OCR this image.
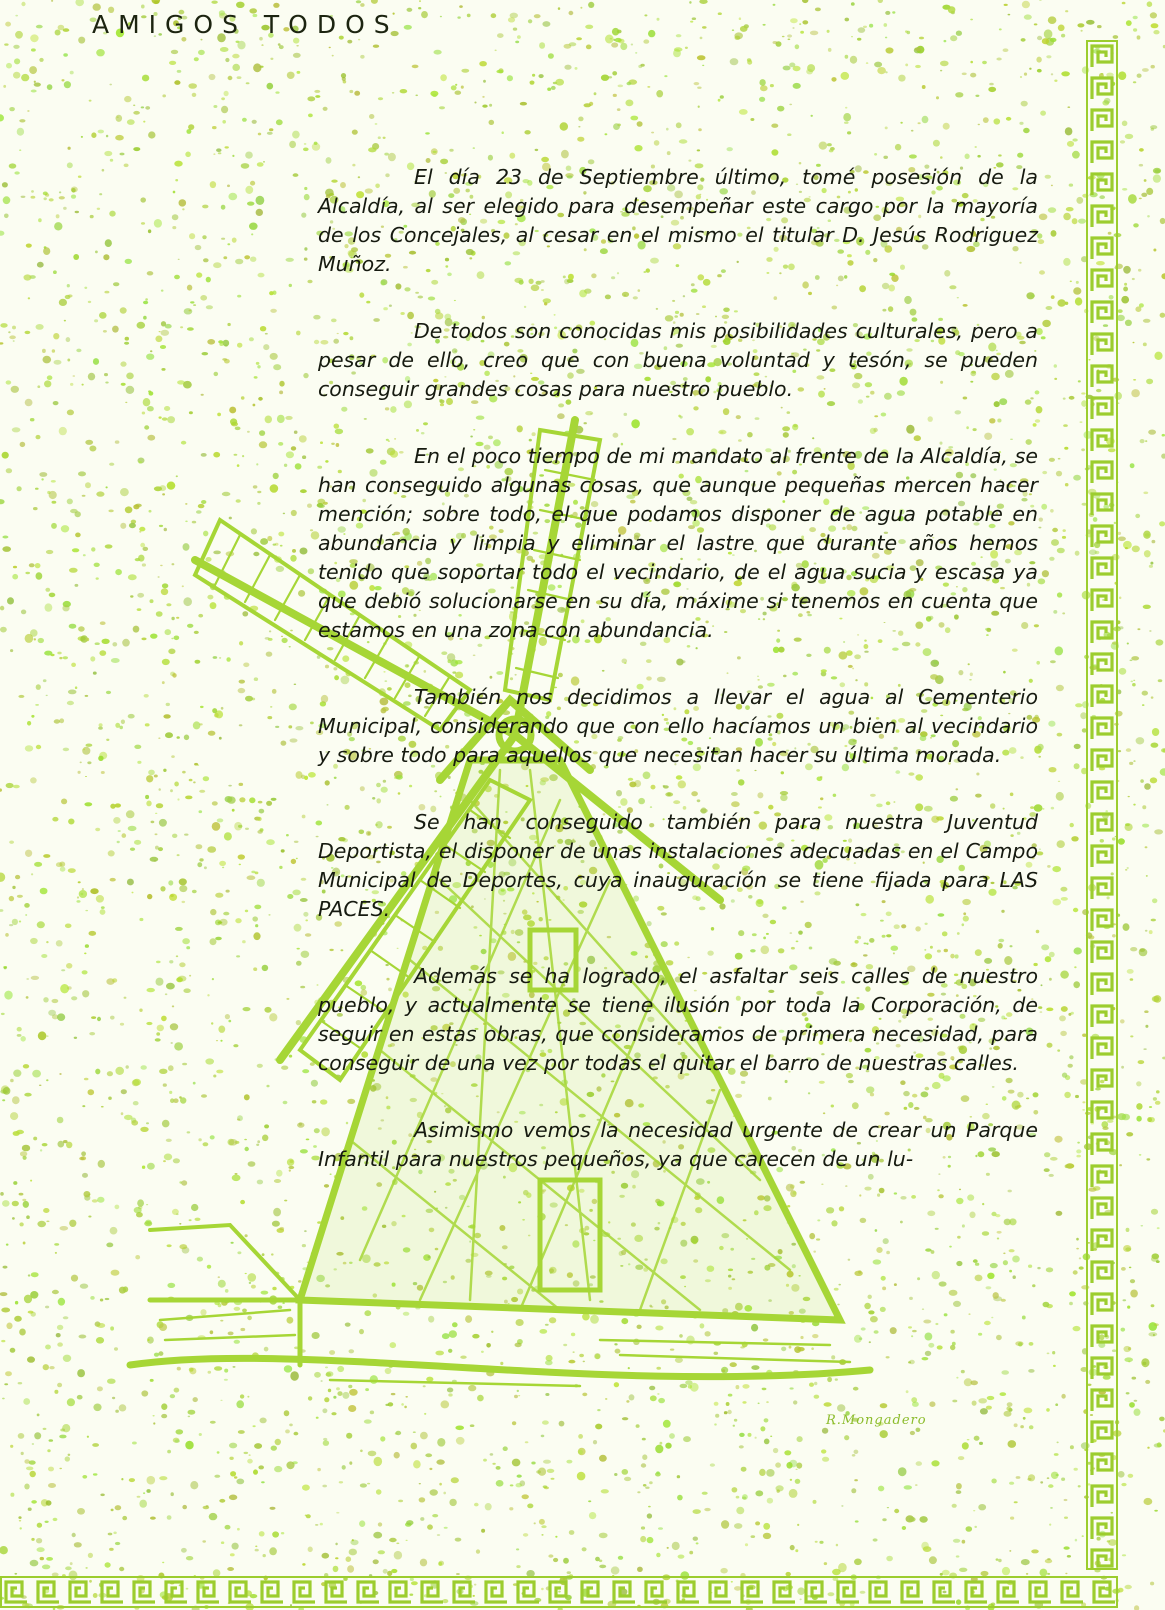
AMIGOS TODOS
R.Mongadero

El día 23 de Septiembre último, tomé posesión de la Alcaldía, al ser elegido para desempeñar este cargo por la mayoría de los Concejales, al cesar en el mismo el titular D. Jesús Rodriguez Muñoz.

De todos son conocidas mis posibilidades culturales, pero a pesar de ello, creo que con buena voluntad y tesón, se pueden conseguir grandes cosas para nuestro pueblo.

En el poco tiempo de mi mandato al frente de la Alcaldía, se han conseguido algunas cosas, que aunque pequeñas mercen hacer mención; sobre todo, el que podamos disponer de agua potable en abundancia y limpia y eliminar el lastre que durante años hemos tenido que soportar todo el vecindario, de el agua sucia y escasa ya que debió solucionarse en su día, máxime si tenemos en cuenta que estamos en una zona con abundancia.

También nos decidimos a llevar el agua al Cementerio Municipal, considerando que con ello hacíamos un bien al vecindario y sobre todo para aquellos que necesitan hacer su última morada.

Se han conseguido también para nuestra Juventud Deportista, el disponer de unas instalaciones adecuadas en el Campo Municipal de Deportes, cuya inauguración se tiene fijada para LAS PACES.

Además se ha logrado, el asfaltar seis calles de nuestro pueblo, y actualmente se tiene ilusión por toda la Corporación, de seguir en estas obras, que consideramos de primera necesidad, para conseguir de una vez por todas el quitar el barro de nuestras calles.

Asimismo vemos la necesidad urgente de crear un Parque Infantil para nuestros pequeños, ya que carecen de un lu-
